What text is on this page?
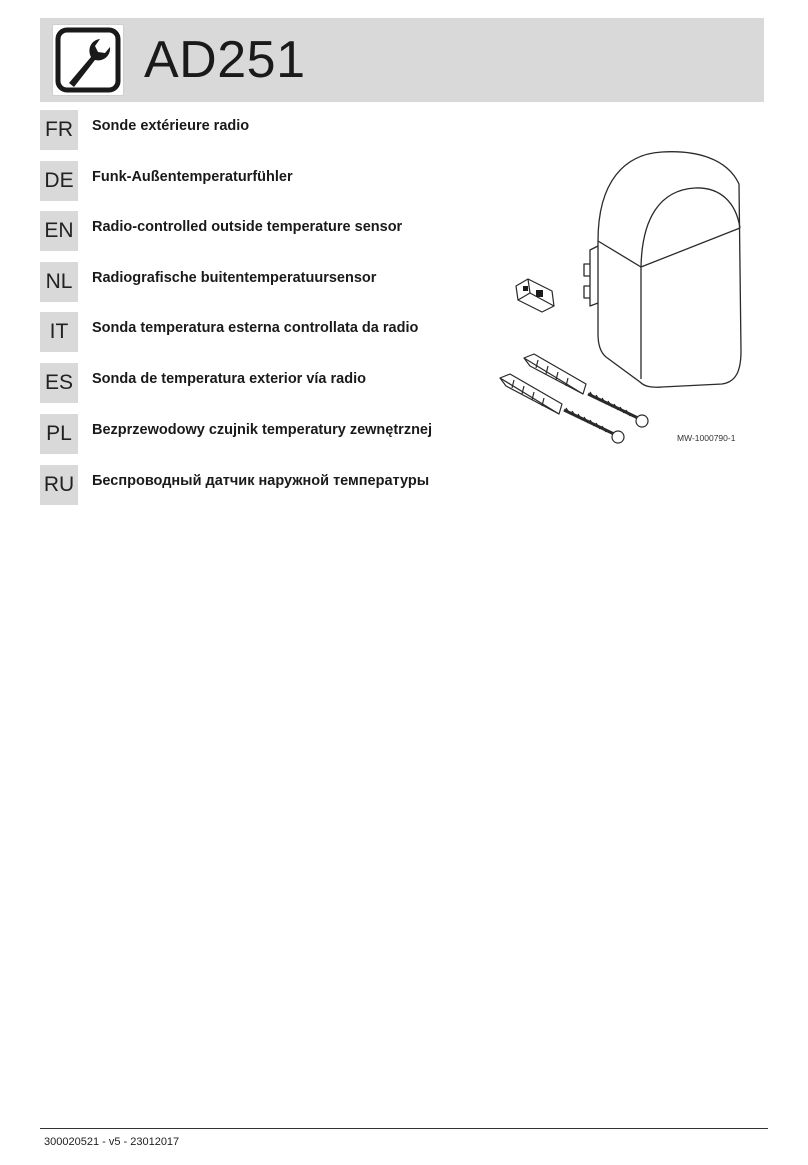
AD251
FR	Sonde extérieure radio
DE	Funk-Außentemperaturfühler
EN	Radio-controlled outside temperature sensor
NL	Radiografische buitentemperatuursensor
IT	Sonda temperatura esterna controllata da radio
ES	Sonda de temperatura exterior vía radio
PL	Bezprzewodowy czujnik temperatury zewnętrznej
RU Беспроводный датчик наружной температуры
MW-1000790-1
300020521 - v5 - 23012017
